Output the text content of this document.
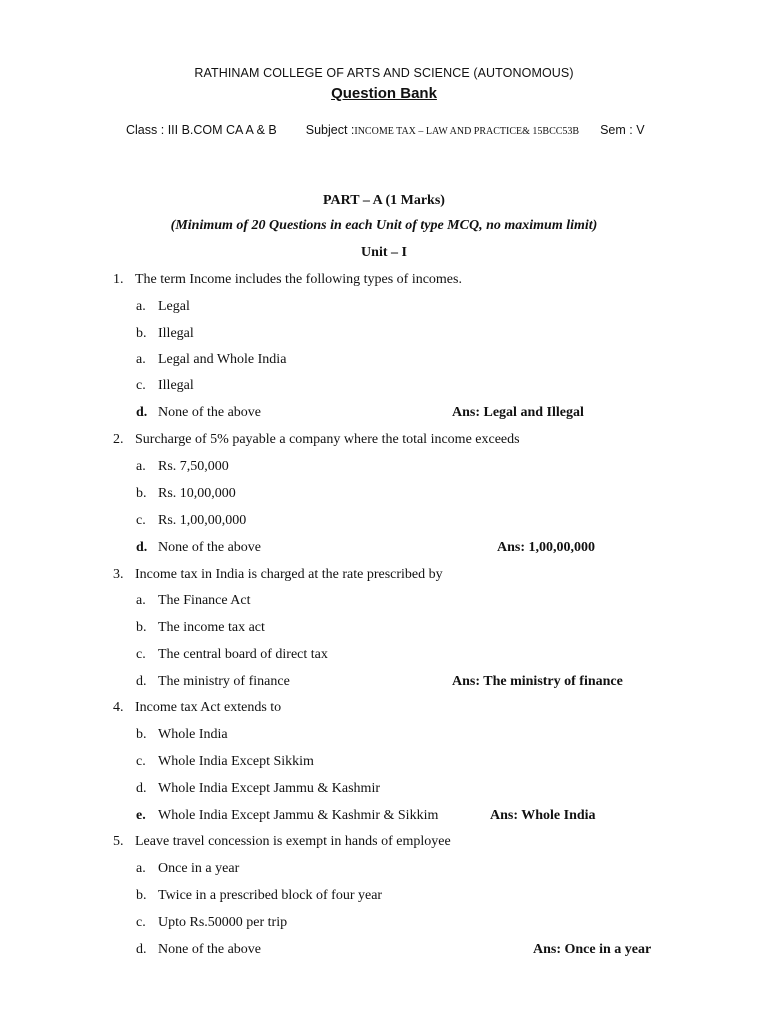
RATHINAM COLLEGE OF ARTS AND SCIENCE (AUTONOMOUS)
Question Bank
Class : III B.COM CA A & B Subject :INCOME TAX – LAW AND PRACTICE& 15BCC53B Sem : V
PART – A (1 Marks)
(Minimum of 20 Questions in each Unit of type MCQ, no maximum limit)
Unit – I
1. The term Income includes the following types of incomes.
a. Legal
b. Illegal
a. Legal and Whole India
c. Illegal
d. None of the above	Ans: Legal and Illegal
2. Surcharge of 5% payable a company where the total income exceeds
a. Rs. 7,50,000
b. Rs. 10,00,000
c. Rs. 1,00,00,000
d. None of the above	Ans: 1,00,00,000
3. Income tax in India is charged at the rate prescribed by
a. The Finance Act
b. The income tax act
c. The central board of direct tax
d. The ministry of finance	Ans: The ministry of finance
4. Income tax Act extends to
b. Whole India
c. Whole India Except Sikkim
d. Whole India Except Jammu & Kashmir
e. Whole India Except Jammu & Kashmir & Sikkim	Ans: Whole India
5. Leave travel concession is exempt in hands of employee
a. Once in a year
b. Twice in a prescribed block of four year
c. Upto Rs.50000 per trip
d. None of the above	Ans: Once in a year
